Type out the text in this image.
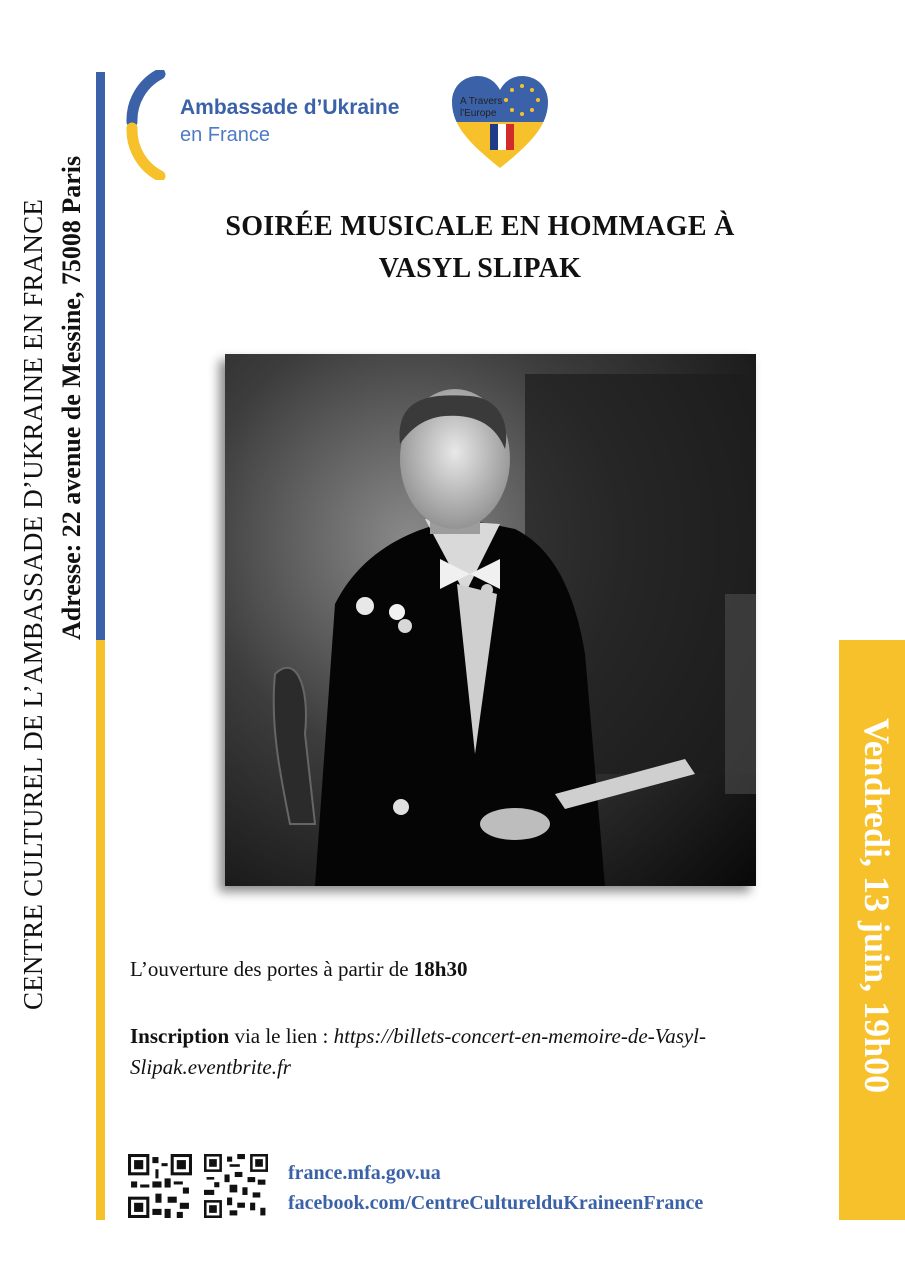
CENTRE CULTUREL DE L’AMBASSADE D’UKRAINE EN FRANCE Adresse: 22 avenue de Messine, 75008 Paris
Ambassade d’Ukraine
en France
A Travers
l'Europe
SOIRÉE MUSICALE EN HOMMAGE À
VASYL SLIPAK
L’ouverture des portes à partir de 18h30
Inscription via le lien : https://billets-concert-en-memoire-de-Vasyl-Slipak.eventbrite.fr
france.mfa.gov.ua
facebook.com/CentreCulturelduKraineenFrance
Vendredi, 13 juin, 19h00
